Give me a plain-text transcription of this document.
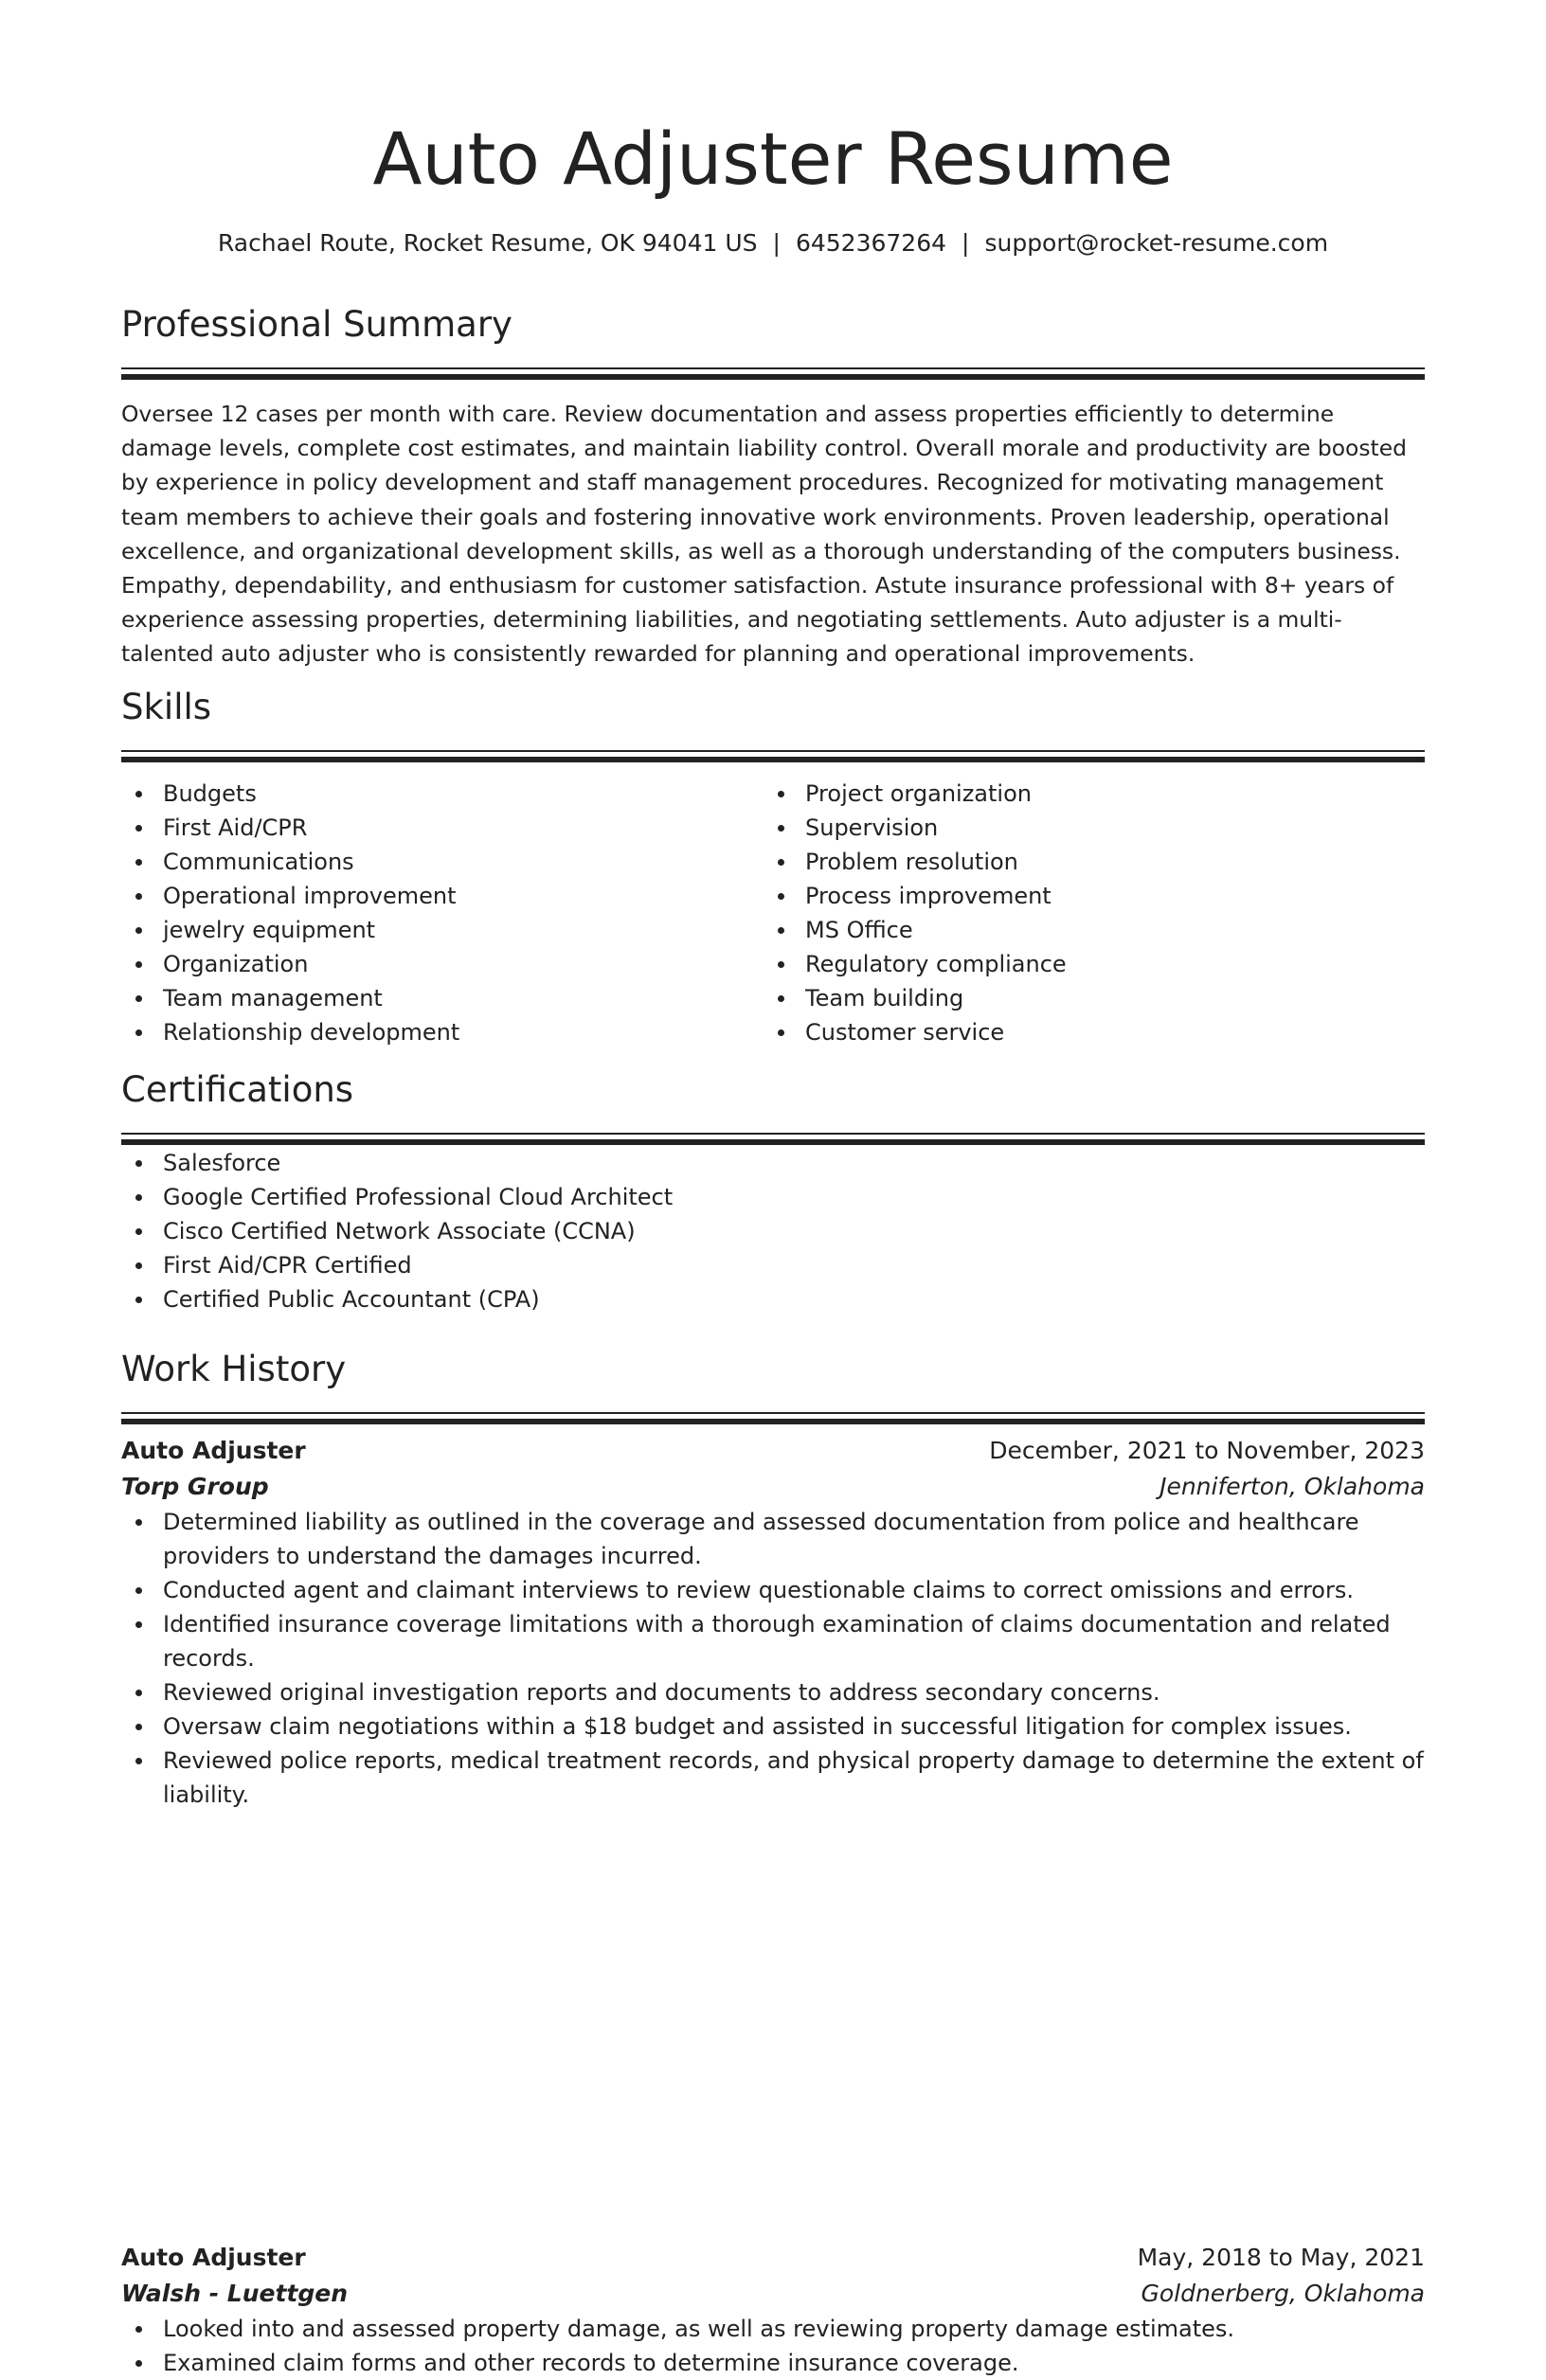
Auto Adjuster Resume
Rachael Route, Rocket Resume, OK 94041 US | 6452367264 | support@rocket-resume.com
Professional Summary

Oversee 12 cases per month with care. Review documentation and assess properties efficiently to determine damage levels, complete cost estimates, and maintain liability control. Overall morale and productivity are boosted by experience in policy development and staff management procedures. Recognized for motivating management team members to achieve their goals and fostering innovative work environments. Proven leadership, operational excellence, and organizational development skills, as well as a thorough understanding of the computers business. Empathy, dependability, and enthusiasm for customer satisfaction. Astute insurance professional with 8+ years of experience assessing properties, determining liabilities, and negotiating settlements. Auto adjuster is a multi-talented auto adjuster who is consistently rewarded for planning and operational improvements.

Skills
Budgets
First Aid/CPR
Communications
Operational improvement
jewelry equipment
Organization
Team management
Relationship development
Project organization
Supervision
Problem resolution
Process improvement
MS Office
Regulatory compliance
Team building
Customer service
Certifications
Salesforce
Google Certified Professional Cloud Architect
Cisco Certified Network Associate (CCNA)
First Aid/CPR Certified
Certified Public Accountant (CPA)
Work History
Auto Adjuster	December, 2021 to November, 2023
Torp Group	Jenniferton, Oklahoma
Determined liability as outlined in the coverage and assessed documentation from police and healthcare providers to understand the damages incurred.
Conducted agent and claimant interviews to review questionable claims to correct omissions and errors.
Identified insurance coverage limitations with a thorough examination of claims documentation and related records.
Reviewed original investigation reports and documents to address secondary concerns.
Oversaw claim negotiations within a $18 budget and assisted in successful litigation for complex issues.
Reviewed police reports, medical treatment records, and physical property damage to determine the extent of liability.
Auto Adjuster	May, 2018 to May, 2021
Walsh - Luettgen	Goldnerberg, Oklahoma
Looked into and assessed property damage, as well as reviewing property damage estimates.
Examined claim forms and other records to determine insurance coverage.
